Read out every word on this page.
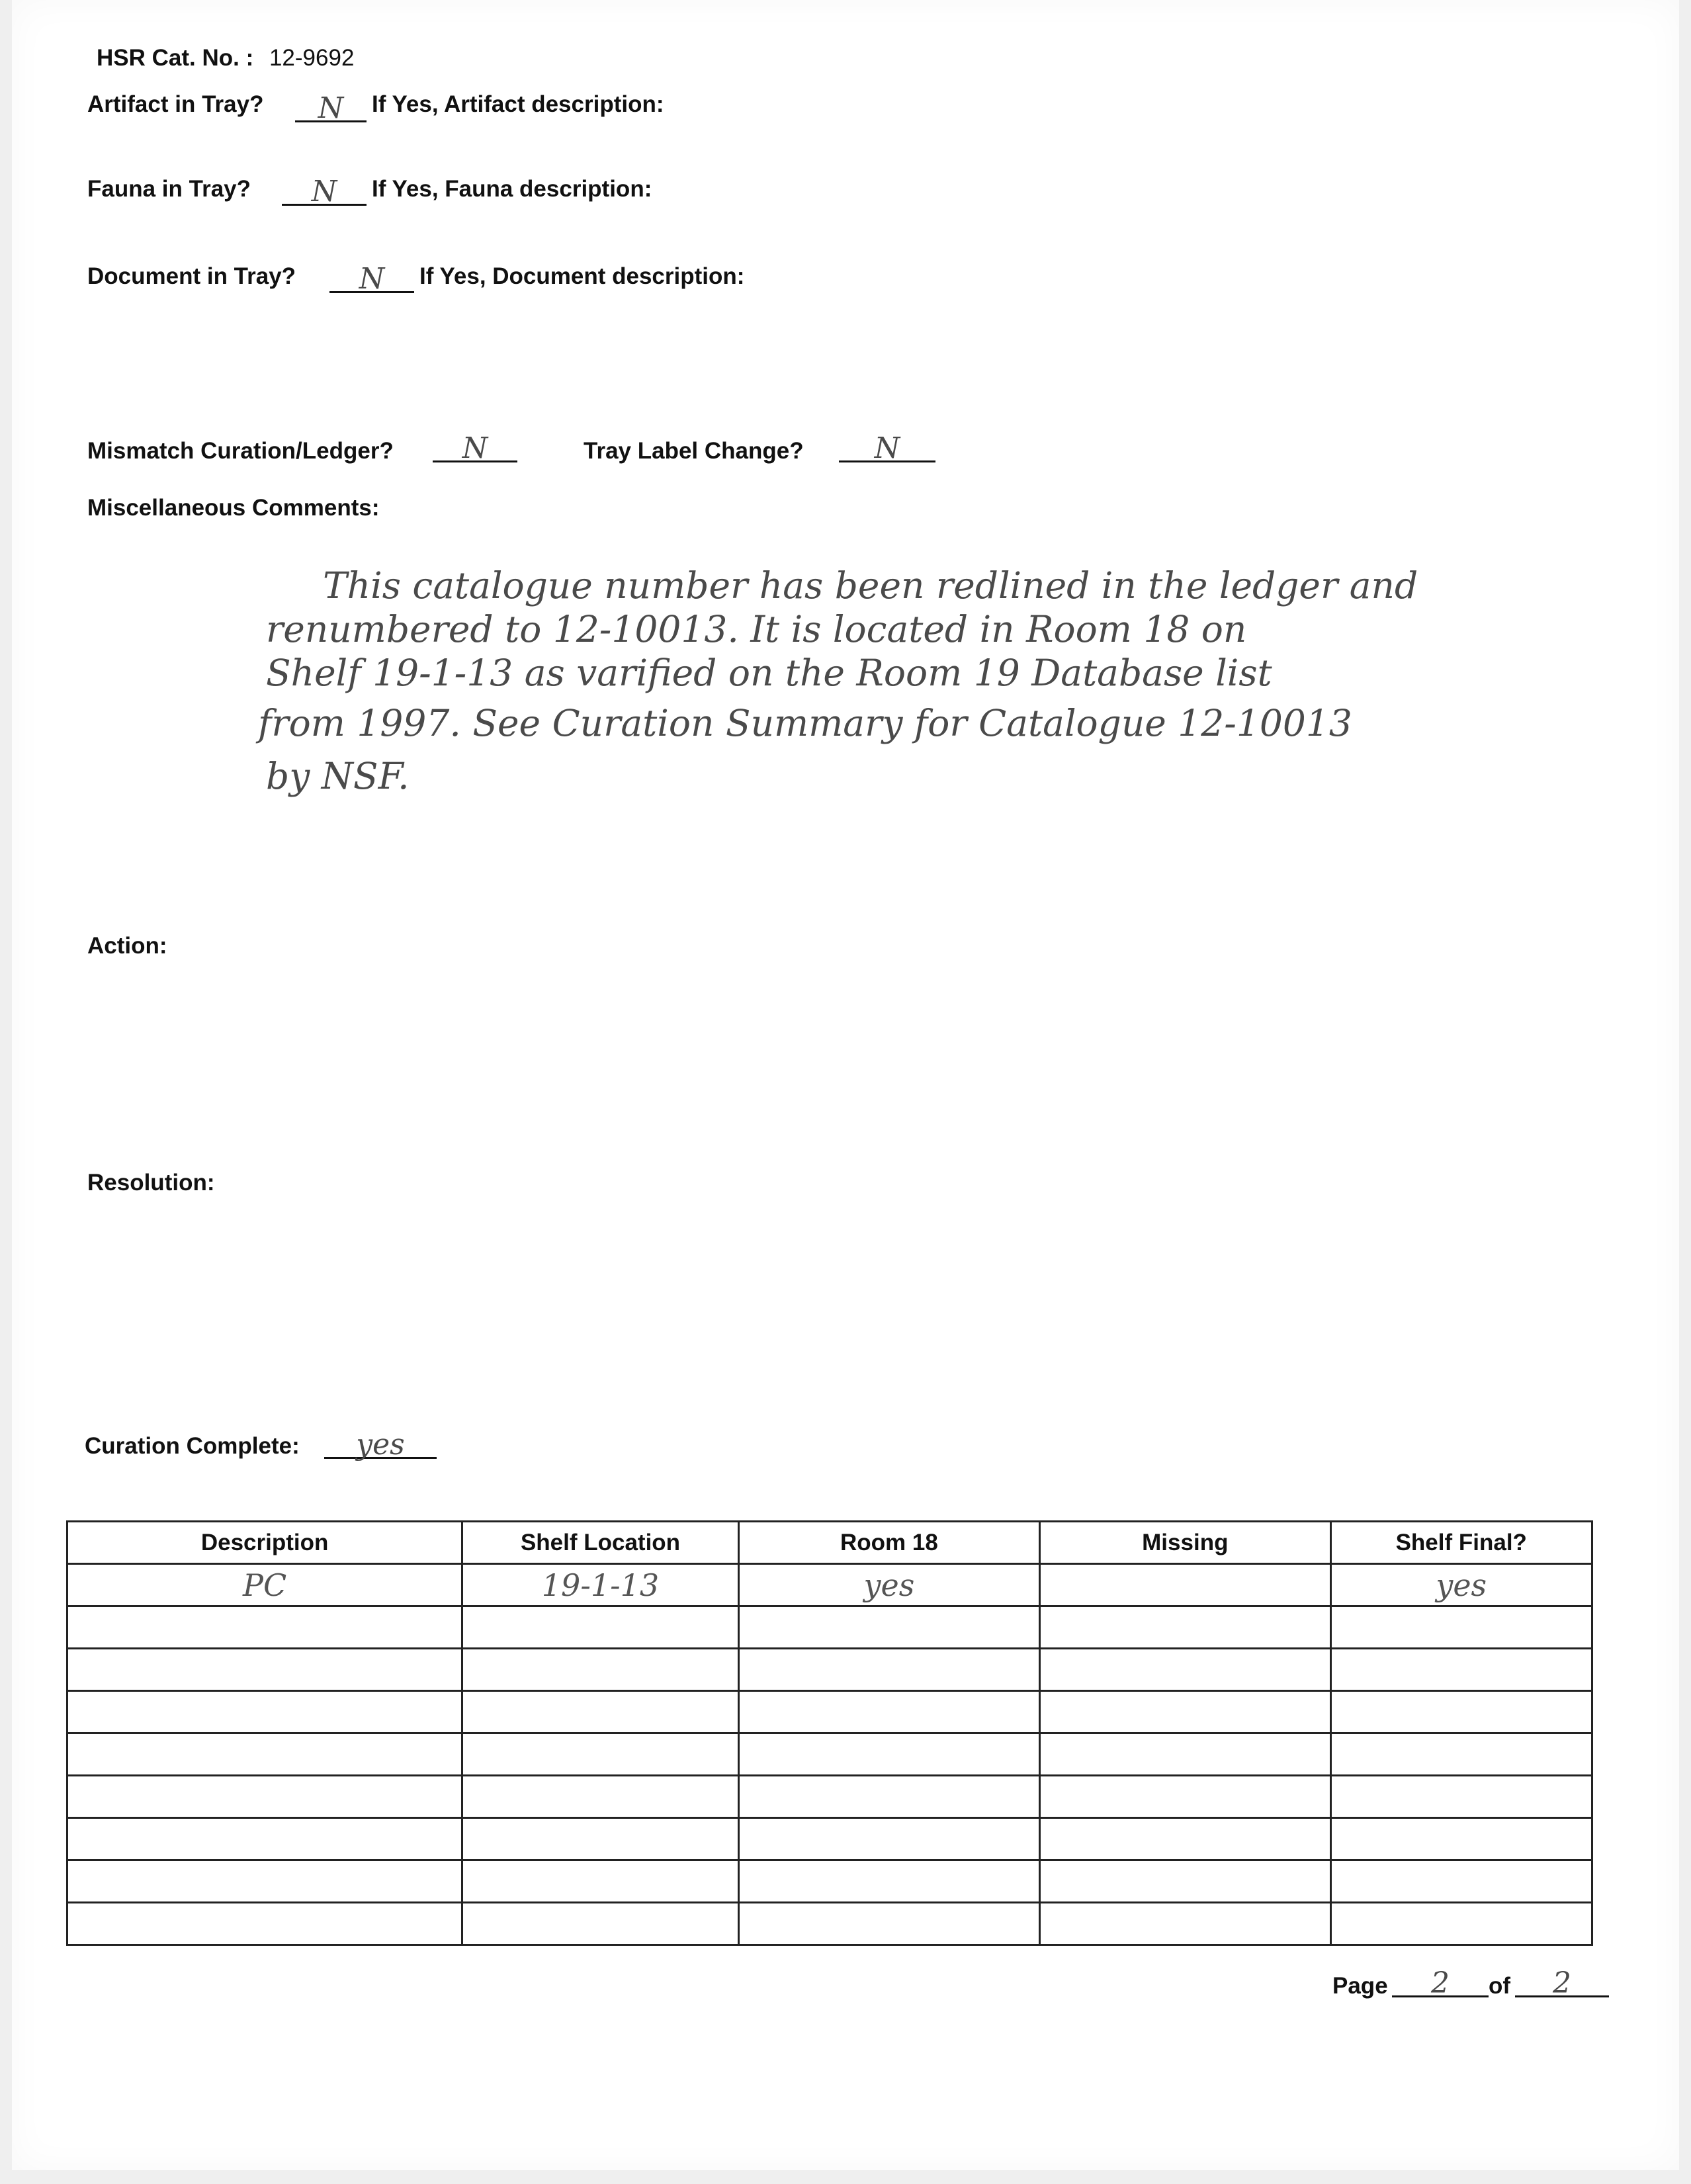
HSR Cat. No. : 12-9692
Artifact in Tray?	N	If Yes, Artifact description:
Fauna in Tray?	N	If Yes, Fauna description:
Document in Tray?	N	If Yes, Document description:
Mismatch Curation/Ledger?	N	Tray Label Change?	N
Miscellaneous Comments:
This catalogue number has been redlined in the ledger and
renumbered to 12-10013. It is located in Room 18 on
Shelf 19-1-13 as varified on the Room 19 Database list
from 1997. See Curation Summary for Catalogue 12-10013
by NSF.
Action:
Resolution:
Curation Complete:	yes
Description	Shelf Location	Room 18	Missing	Shelf Final?
PC	19-1-13	yes		yes

Page	2	of	2
